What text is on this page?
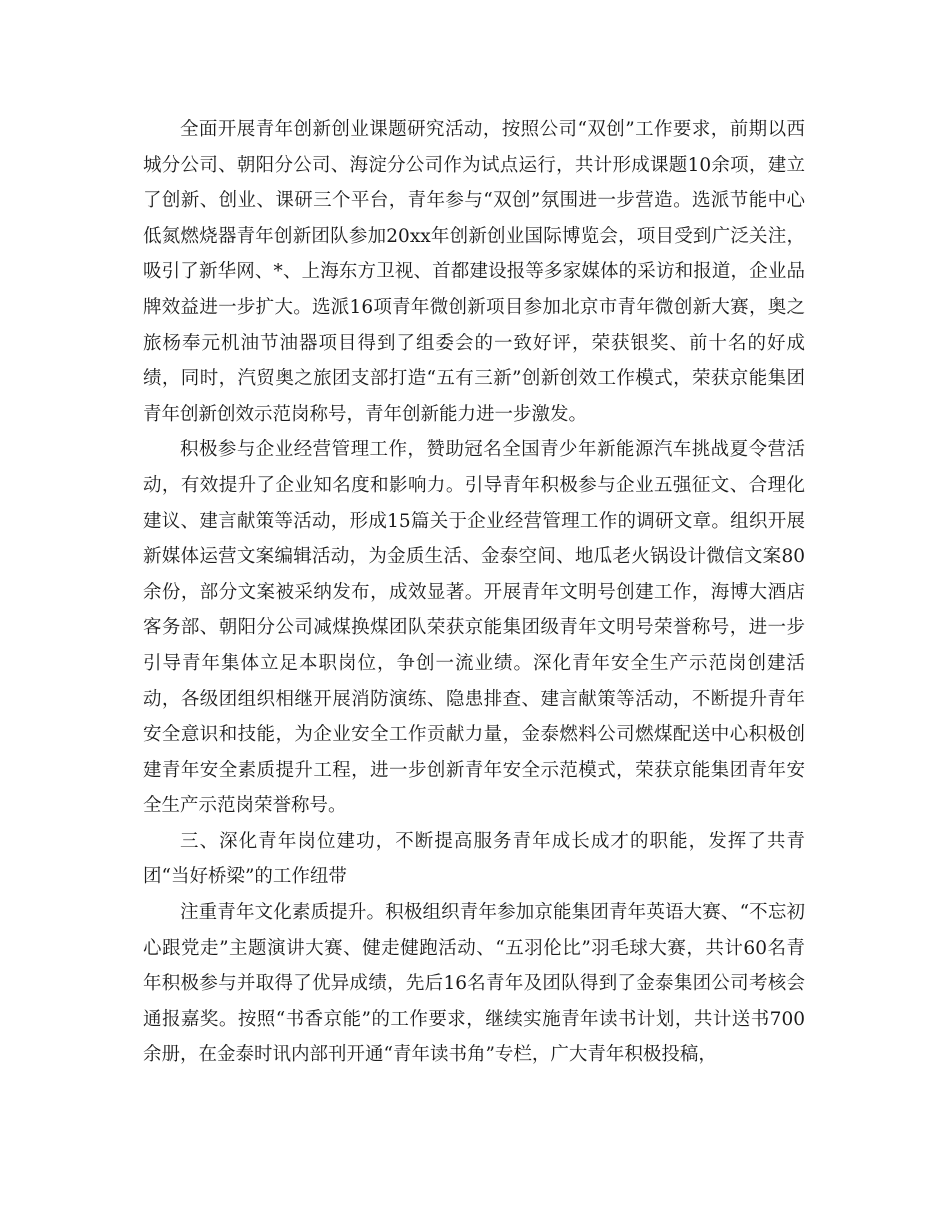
全面开展青年创新创业课题研究活动，按照公司“双创”工作要求，前期以西城分公司、朝阳分公司、海淀分公司作为试点运行，共计形成课题10余项，建立了创新、创业、课研三个平台，青年参与“双创”氛围进一步营造。选派节能中心低氮燃烧器青年创新团队参加20xx年创新创业国际博览会，项目受到广泛关注，吸引了新华网、*、上海东方卫视、首都建设报等多家媒体的采访和报道，企业品牌效益进一步扩大。选派16项青年微创新项目参加北京市青年微创新大赛，奥之旅杨奉元机油节油器项目得到了组委会的一致好评，荣获银奖、前十名的好成绩，同时，汽贸奥之旅团支部打造“五有三新”创新创效工作模式，荣获京能集团青年创新创效示范岗称号，青年创新能力进一步激发。

积极参与企业经营管理工作，赞助冠名全国青少年新能源汽车挑战夏令营活动，有效提升了企业知名度和影响力。引导青年积极参与企业五强征文、合理化建议、建言献策等活动，形成15篇关于企业经营管理工作的调研文章。组织开展新媒体运营文案编辑活动，为金质生活、金泰空间、地瓜老火锅设计微信文案80余份，部分文案被采纳发布，成效显著。开展青年文明号创建工作，海博大酒店客务部、朝阳分公司减煤换煤团队荣获京能集团级青年文明号荣誉称号，进一步引导青年集体立足本职岗位，争创一流业绩。深化青年安全生产示范岗创建活动，各级团组织相继开展消防演练、隐患排查、建言献策等活动，不断提升青年安全意识和技能，为企业安全工作贡献力量，金泰燃料公司燃煤配送中心积极创建青年安全素质提升工程，进一步创新青年安全示范模式，荣获京能集团青年安全生产示范岗荣誉称号。

三、深化青年岗位建功，不断提高服务青年成长成才的职能，发挥了共青团“当好桥梁”的工作纽带

注重青年文化素质提升。积极组织青年参加京能集团青年英语大赛、“不忘初心跟党走”主题演讲大赛、健走健跑活动、“五羽伦比”羽毛球大赛，共计60名青年积极参与并取得了优异成绩，先后16名青年及团队得到了金泰集团公司考核会通报嘉奖。按照“书香京能”的工作要求，继续实施青年读书计划，共计送书700余册，在金泰时讯内部刊开通“青年读书角”专栏，广大青年积极投稿，
